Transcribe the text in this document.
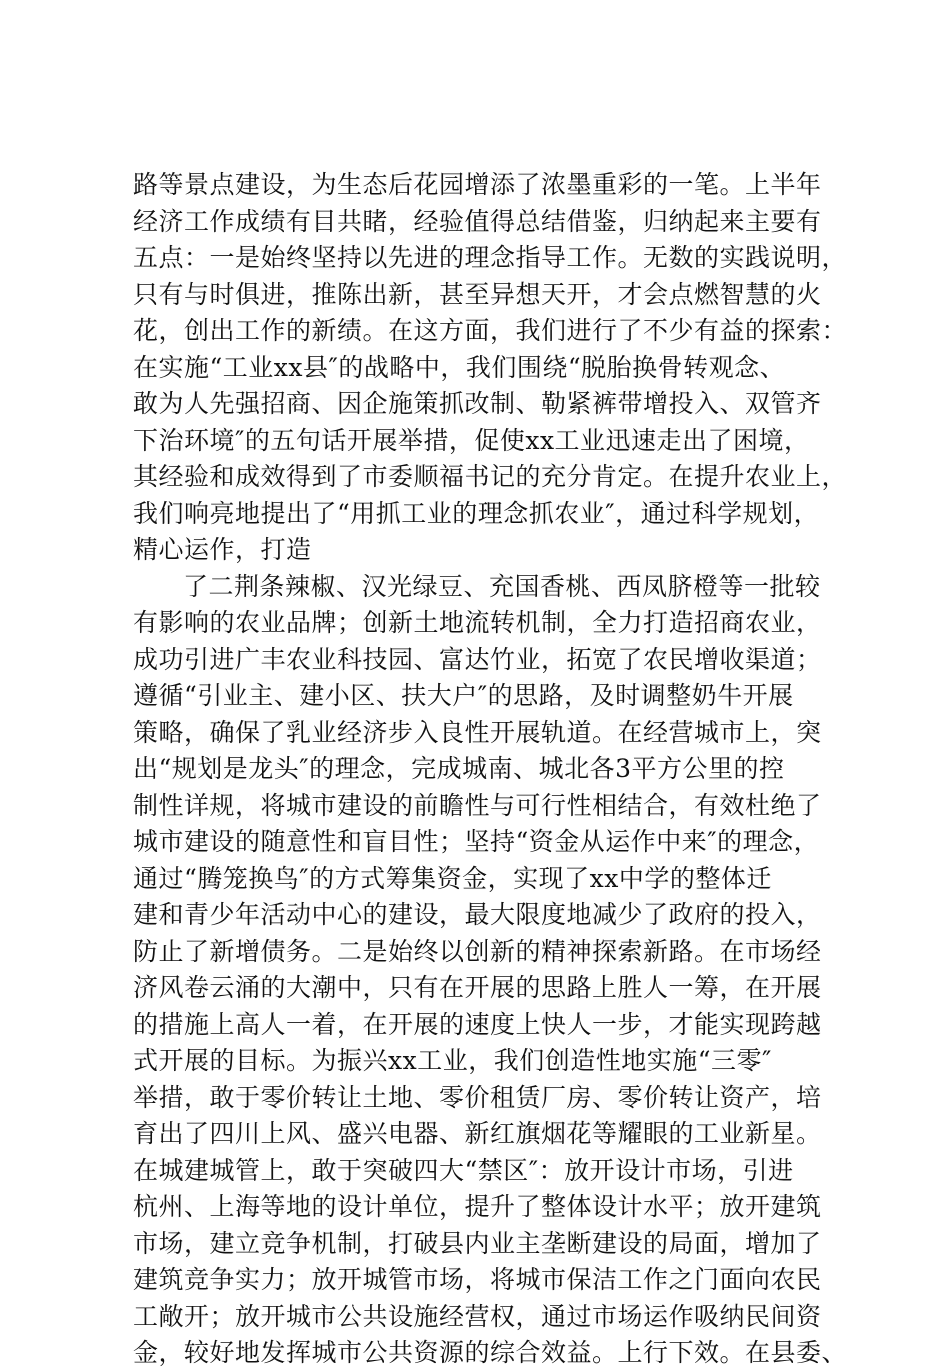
路等景点建设，为生态后花园增添了浓墨重彩的一笔。上半年
经济工作成绩有目共睹，经验值得总结借鉴，归纳起来主要有
五点：一是始终坚持以先进的理念指导工作。无数的实践说明，
只有与时俱进，推陈出新，甚至异想天开，才会点燃智慧的火
花，创出工作的新绩。在这方面，我们进行了不少有益的探索：
在实施“工业xx县″的战略中，我们围绕“脱胎换骨转观念、
敢为人先强招商、因企施策抓改制、勒紧裤带增投入、双管齐
下治环境″的五句话开展举措，促使xx工业迅速走出了困境，
其经验和成效得到了市委顺福书记的充分肯定。在提升农业上，
我们响亮地提出了“用抓工业的理念抓农业″，通过科学规划，
精心运作，打造
了二荆条辣椒、汉光绿豆、充国香桃、西凤脐橙等一批较
有影响的农业品牌；创新土地流转机制，全力打造招商农业，
成功引进广丰农业科技园、富达竹业，拓宽了农民增收渠道；
遵循“引业主、建小区、扶大户″的思路，及时调整奶牛开展
策略，确保了乳业经济步入良性开展轨道。在经营城市上，突
出“规划是龙头″的理念，完成城南、城北各3平方公里的控
制性详规，将城市建设的前瞻性与可行性相结合，有效杜绝了
城市建设的随意性和盲目性；坚持“资金从运作中来″的理念，
通过“腾笼换鸟″的方式筹集资金，实现了xx中学的整体迁
建和青少年活动中心的建设，最大限度地减少了政府的投入，
防止了新增债务。二是始终以创新的精神探索新路。在市场经
济风卷云涌的大潮中，只有在开展的思路上胜人一筹，在开展
的措施上高人一着，在开展的速度上快人一步，才能实现跨越
式开展的目标。为振兴xx工业，我们创造性地实施“三零″
举措，敢于零价转让土地、零价租赁厂房、零价转让资产，培
育出了四川上风、盛兴电器、新红旗烟花等耀眼的工业新星。
在城建城管上，敢于突破四大“禁区″：放开设计市场，引进
杭州、上海等地的设计单位，提升了整体设计水平；放开建筑
市场，建立竞争机制，打破县内业主垄断建设的局面，增加了
建筑竞争实力；放开城管市场，将城市保洁工作之门面向农民
工敞开；放开城市公共设施经营权，通过市场运作吸纳民间资
金，较好地发挥城市公共资源的综合效益。上行下效。在县委、
